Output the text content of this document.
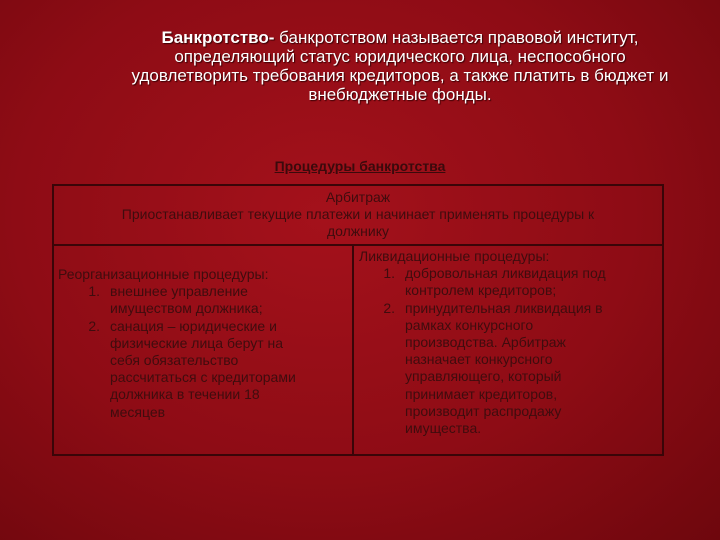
Банкротство- банкротством называется правовой институт,
определяющий статус юридического лица, неспособного
удовлетворить требования кредиторов, а также платить в бюджет и
внебюджетные фонды.
Процедуры банкротства
Арбитраж
Приостанавливает текущие платежи и начинает применять процедуры к
должнику
Реорганизационные процедуры:
1. внешнее управление
имуществом должника;
2. санация – юридические и
физические лица берут на
себя обязательство
рассчитаться с кредиторами
должника в течении 18
месяцев
Ликвидационные процедуры:
1. добровольная ликвидация под
контролем кредиторов;
2. принудительная ликвидация в
рамках конкурсного
производства. Арбитраж
назначает конкурсного
управляющего, который
принимает кредиторов,
производит распродажу
имущества.
